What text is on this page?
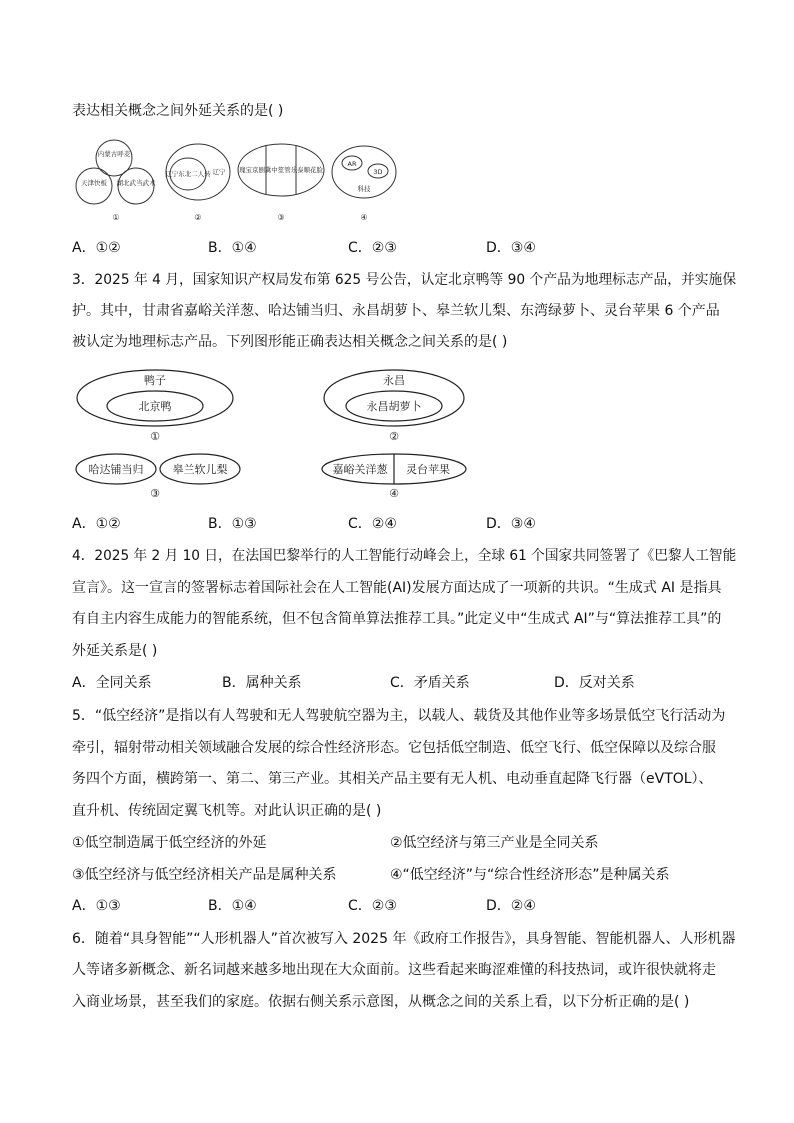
表达相关概念之间外延关系的是( )
内蒙古呼麦
天津快板 湖北武当武术
①
辽宁东北二人转 辽宁
②
瑰宝京剧 冀中笙管乐 泰顺花脸
③
AR
3D
科技
④
A．①②	B．①④	C．②③	D．③④
3．2025 年 4 月，国家知识产权局发布第 625 号公告，认定北京鸭等 90 个产品为地理标志产品，并实施保
护。其中，甘肃省嘉峪关洋葱、哈达铺当归、永昌胡萝卜、皋兰软儿梨、东湾绿萝卜、灵台苹果 6 个产品
被认定为地理标志产品。下列图形能正确表达相关概念之间关系的是( )
鸭子
北京鸭
①
永昌
永昌胡萝卜
②
哈达铺当归	皋兰软儿梨
③
嘉峪关洋葱 灵台苹果
④
A．①②	B．①③	C．②④	D．③④
4．2025 年 2 月 10 日，在法国巴黎举行的人工智能行动峰会上，全球 61 个国家共同签署了《巴黎人工智能
宣言》。这一宣言的签署标志着国际社会在人工智能(AI)发展方面达成了一项新的共识。“生成式 AI 是指具
有自主内容生成能力的智能系统，但不包含简单算法推荐工具。”此定义中“生成式 AI”与“算法推荐工具”的
外延关系是( )
A．全同关系	B．属种关系	C．矛盾关系	D．反对关系
5．“低空经济”是指以有人驾驶和无人驾驶航空器为主，以载人、载货及其他作业等多场景低空飞行活动为
牵引，辐射带动相关领域融合发展的综合性经济形态。它包括低空制造、低空飞行、低空保障以及综合服
务四个方面，横跨第一、第二、第三产业。其相关产品主要有无人机、电动垂直起降飞行器（eVTOL）、
直升机、传统固定翼飞机等。对此认识正确的是( )
①低空制造属于低空经济的外延	②低空经济与第三产业是全同关系
③低空经济与低空经济相关产品是属种关系	④“低空经济”与“综合性经济形态”是种属关系
A．①③	B．①④	C．②③	D．②④
6．随着“具身智能”“人形机器人”首次被写入 2025 年《政府工作报告》，具身智能、智能机器人、人形机器
人等诸多新概念、新名词越来越多地出现在大众面前。这些看起来晦涩难懂的科技热词，或许很快就将走
入商业场景，甚至我们的家庭。依据右侧关系示意图，从概念之间的关系上看，以下分析正确的是( )
